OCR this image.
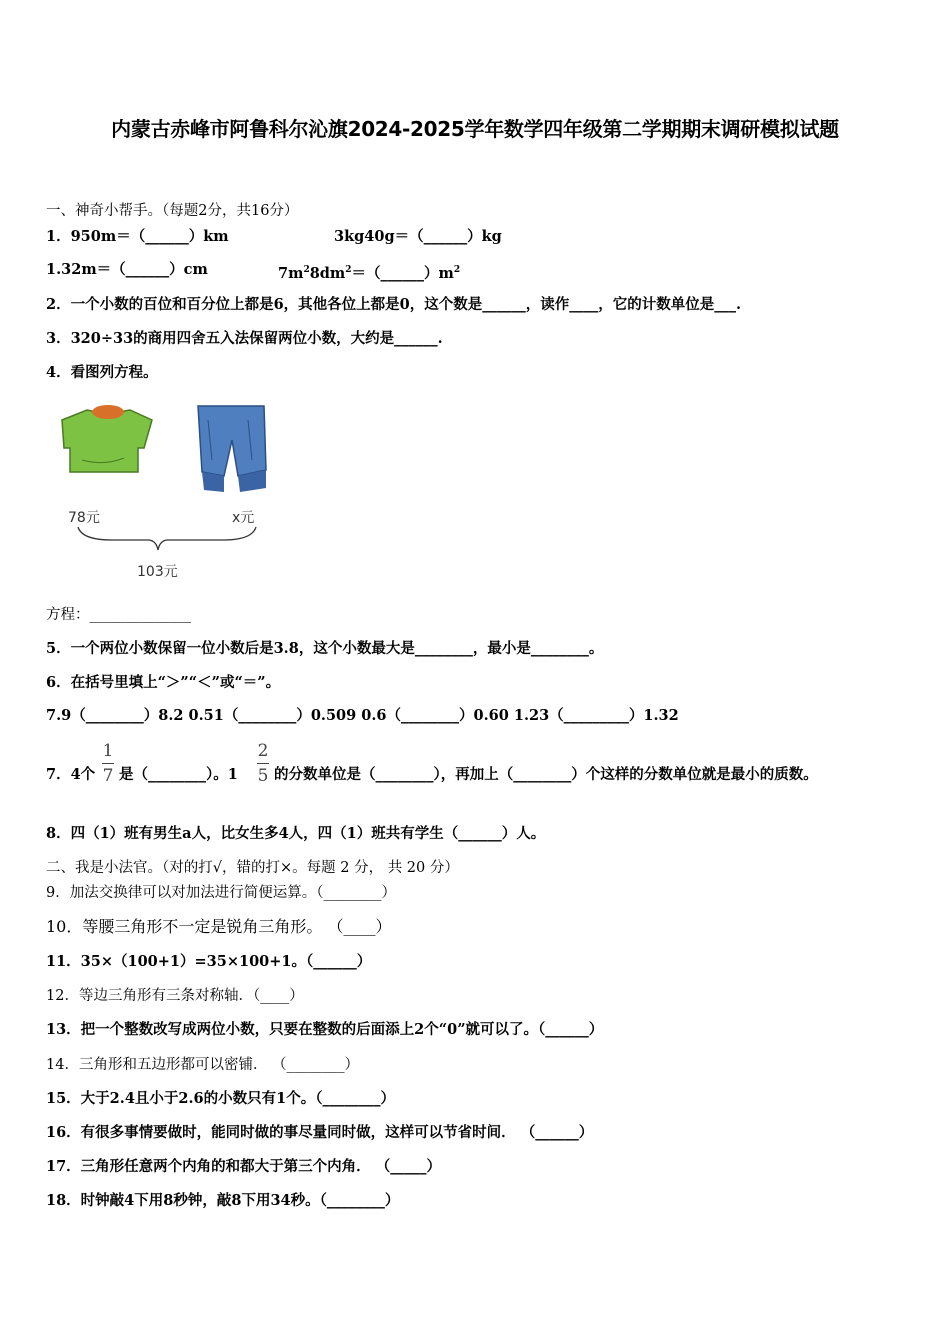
内蒙古赤峰市阿鲁科尔沁旗2024-2025学年数学四年级第二学期期末调研模拟试题
一、神奇小帮手。（每题2分，共16分）
1．950m＝（______）km	3kg40g＝（______）kg
1.32m＝（______）cm	$7m^28dm^2=(\_\_\_\_\_\_)m^2$
2．一个小数的百位和百分位上都是6，其他各位上都是0，这个数是______，读作____，它的计数单位是___.
3．320÷33的商用四舍五入法保留两位小数，大约是______.
4．看图列方程。
78元	x元
103元
方程：______________
5．一个两位小数保留一位小数后是3.8，这个小数最大是________，最小是________。
6．在括号里填上“＞”“＜”或“＝”。
7.9（________）8.2 0.51（________）0.509 0.6（________）0.60 1.23（_________）1.32
7．4个
1
7 是（________）。1
2
5 的分数单位是（________），再加上（________）个这样的分数单位就是最小的质数。
8．四（1）班有男生a人，比女生多4人，四（1）班共有学生（______）人。
二、我是小法官。（对的打√，错的打×。每题 2 分， 共 20 分）
9．加法交换律可以对加法进行简便运算。（________）
10．等腰三角形不一定是锐角三角形。 （____）
11．35×（100+1）=35×100+1。（______）
12．等边三角形有三条对称轴．（____）
13．把一个整数改写成两位小数，只要在整数的后面添上2个“0”就可以了。（______）
14．三角形和五边形都可以密铺． （________）
15．大于2.4且小于2.6的小数只有1个。（________）
16．有很多事情要做时，能同时做的事尽量同时做，这样可以节省时间． （______）
17．三角形任意两个内角的和都大于第三个内角． （_____）
18．时钟敲4下用8秒钟，敲8下用34秒。（________）
